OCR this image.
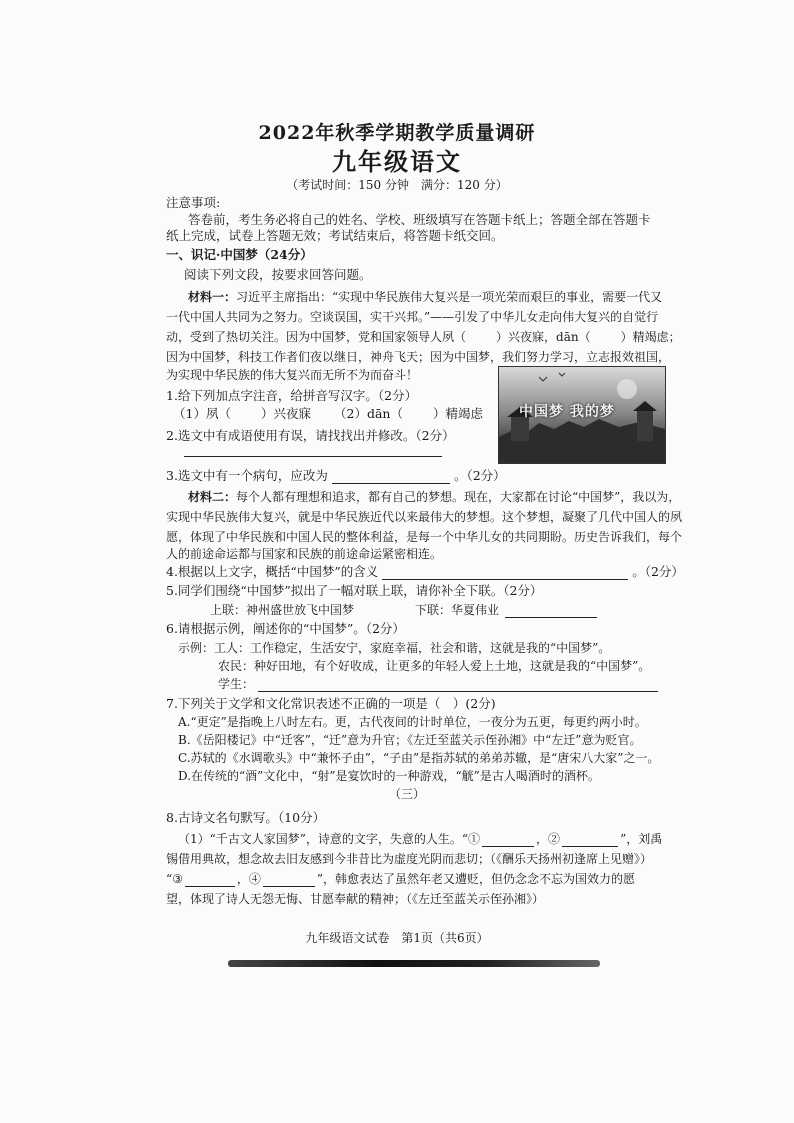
2022年秋季学期教学质量调研
九年级语文
（考试时间：150 分钟　满分：120 分）
注意事项:
答卷前，考生务必将自己的姓名、学校、班级填写在答题卡纸上；答题全部在答题卡
纸上完成，试卷上答题无效；考试结束后，将答题卡纸交回。
一、识记·中国梦（24分）
阅读下列文段，按要求回答问题。
材料一：习近平主席指出：“实现中华民族伟大复兴是一项光荣而艰巨的事业，需要一代又
一代中国人共同为之努力。空谈误国，实干兴邦。”——引发了中华儿女走向伟大复兴的自觉行
动，受到了热切关注。因为中国梦，党和国家领导人夙（	）兴夜寐，dān（	）精竭虑；
因为中国梦，科技工作者们夜以继日，神舟飞天；因为中国梦，我们努力学习，立志报效祖国，
为实现中华民族的伟大复兴而无所不为而奋斗！
中国梦 我的梦
1.给下列加点字注音，给拼音写汉字。（2分）
（1）夙（ ）兴夜寐 （2）dān（ ）精竭虑
2.选文中有成语使用有误，请找找出并修改。（2分）
3.选文中有一个病句，应改为	。（2分）
材料二：每个人都有理想和追求，都有自己的梦想。现在，大家都在讨论“中国梦”，我以为，
实现中华民族伟大复兴，就是中华民族近代以来最伟大的梦想。这个梦想，凝聚了几代中国人的夙
愿，体现了中华民族和中国人民的整体利益，是每一个中华儿女的共同期盼。历史告诉我们，每个
人的前途命运都与国家和民族的前途命运紧密相连。
4.根据以上文字，概括“中国梦”的含义	。（2分）
5.同学们围绕“中国梦”拟出了一幅对联上联，请你补全下联。（2分）
上联：神州盛世放飞中国梦	下联：华夏伟业
6.请根据示例，阐述你的“中国梦”。（2分）
示例：工人：工作稳定，生活安宁，家庭幸福，社会和谐，这就是我的“中国梦”。
农民：种好田地，有个好收成，让更多的年轻人爱上土地，这就是我的“中国梦”。
学生：
7.下列关于文学和文化常识表述不正确的一项是（　）(2分)
A.“更定”是指晚上八时左右。更，古代夜间的计时单位，一夜分为五更，每更约两小时。
B.《岳阳楼记》中“迁客”，“迁”意为升官；《左迁至蓝关示侄孙湘》中“左迁”意为贬官。
C.苏轼的《水调歌头》中“兼怀子由”，“子由”是指苏轼的弟弟苏辙，是“唐宋八大家”之一。
D.在传统的“酒”文化中，“射”是宴饮时的一种游戏，“觥”是古人喝酒时的酒杯。
（三）
8.古诗文名句默写。（10分）
（1）“千古文人家国梦”，诗意的文字，失意的人生。“①	，②	”，刘禹
锡借用典故，想念故去旧友感到今非昔比为虚度光阴而悲切；（《酬乐天扬州初逢席上见赠》）
“③	，④	”，韩愈表达了虽然年老又遭贬，但仍念念不忘为国效力的愿
望，体现了诗人无怨无悔、甘愿奉献的精神；（《左迁至蓝关示侄孙湘》）
九年级语文试卷　第1页（共6页）
